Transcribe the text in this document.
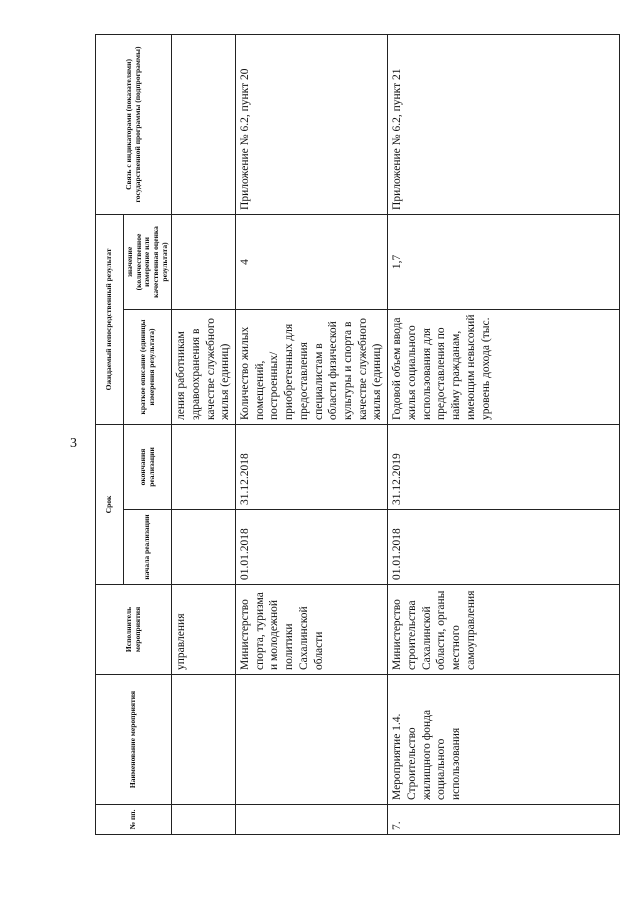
3
№ пп.	Наименование мероприятия	Исполнитель мероприятия	Срок		Ожидаемый непосредственный результат		Связь с индикаторами (показателями) государственной программы (подпрограммы)
			начала реализации	окончания реализации	краткое описание (единицы измерения результата)	значение (количественное измерение или качественная оценка результата)	
		управления			ления работникам здравоохранения в качестве служебного жилья (единиц)		
		Министерство спорта, туризма и молодежной политики Сахалинской области	01.01.2018	31.12.2018	Количество жилых помещений, построенных/приобретенных для предоставления специалистам в области физической культуры и спорта в качестве служебного жилья (единиц)	4	Приложение № 6.2, пункт 20
7.	Мероприятие 1.4. Строительство жилищного фонда социального использования	Министерство строительства Сахалинской области, органы местного самоуправления	01.01.2018	31.12.2019	Годовой объем ввода жилья социального использования для предоставления по найму гражданам, имеющим невысокий уровень дохода (тыс.	1,7	Приложение № 6.2, пункт 21
